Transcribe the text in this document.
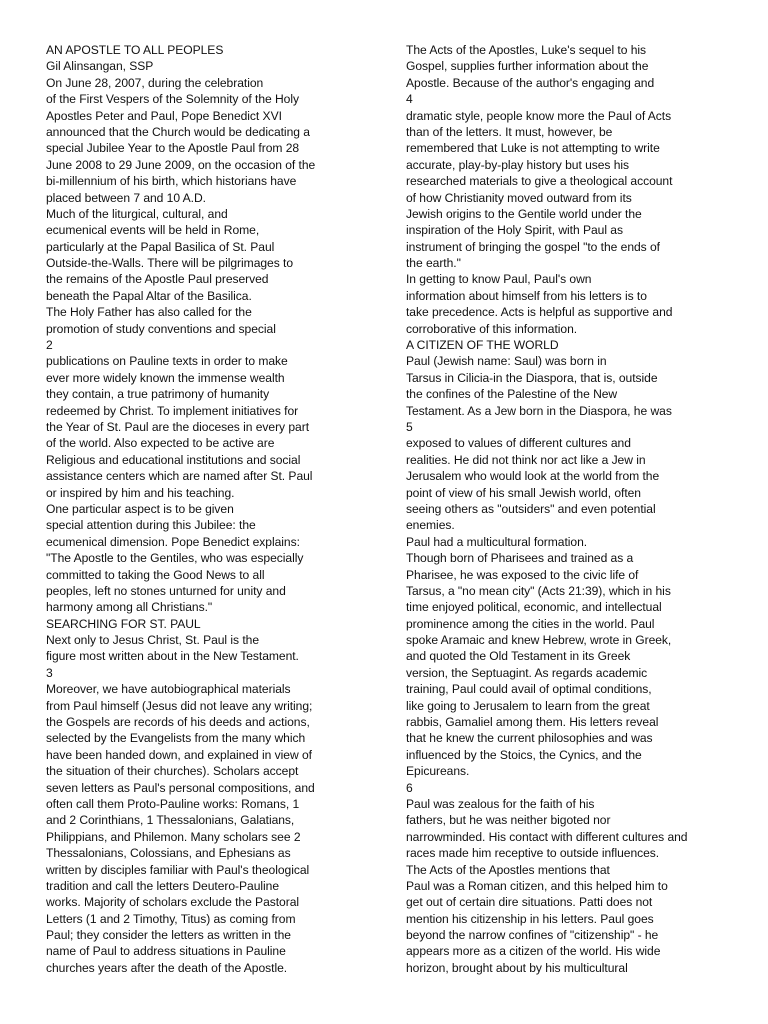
AN APOSTLE TO ALL PEOPLES
Gil Alinsangan, SSP
On June 28, 2007, during the celebration
of the First Vespers of the Solemnity of the Holy
Apostles Peter and Paul, Pope Benedict XVI
announced that the Church would be dedicating a
special Jubilee Year to the Apostle Paul from 28
June 2008 to 29 June 2009, on the occasion of the
bi-millennium of his birth, which historians have
placed between 7 and 10 A.D.
Much of the liturgical, cultural, and
ecumenical events will be held in Rome,
particularly at the Papal Basilica of St. Paul
Outside-the-Walls. There will be pilgrimages to
the remains of the Apostle Paul preserved
beneath the Papal Altar of the Basilica.
The Holy Father has also called for the
promotion of study conventions and special
2
publications on Pauline texts in order to make
ever more widely known the immense wealth
they contain, a true patrimony of humanity
redeemed by Christ. To implement initiatives for
the Year of St. Paul are the dioceses in every part
of the world. Also expected to be active are
Religious and educational institutions and social
assistance centers which are named after St. Paul
or inspired by him and his teaching.
One particular aspect is to be given
special attention during this Jubilee: the
ecumenical dimension. Pope Benedict explains:
"The Apostle to the Gentiles, who was especially
committed to taking the Good News to all
peoples, left no stones unturned for unity and
harmony among all Christians."
SEARCHING FOR ST. PAUL
Next only to Jesus Christ, St. Paul is the
figure most written about in the New Testament.
3
Moreover, we have autobiographical materials
from Paul himself (Jesus did not leave any writing;
the Gospels are records of his deeds and actions,
selected by the Evangelists from the many which
have been handed down, and explained in view of
the situation of their churches). Scholars accept
seven letters as Paul's personal compositions, and
often call them Proto-Pauline works: Romans, 1
and 2 Corinthians, 1 Thessalonians, Galatians,
Philippians, and Philemon. Many scholars see 2
Thessalonians, Colossians, and Ephesians as
written by disciples familiar with Paul's theological
tradition and call the letters Deutero-Pauline
works. Majority of scholars exclude the Pastoral
Letters (1 and 2 Timothy, Titus) as coming from
Paul; they consider the letters as written in the
name of Paul to address situations in Pauline
churches years after the death of the Apostle.
The Acts of the Apostles, Luke's sequel to his
Gospel, supplies further information about the
Apostle. Because of the author's engaging and
4
dramatic style, people know more the Paul of Acts
than of the letters. It must, however, be
remembered that Luke is not attempting to write
accurate, play-by-play history but uses his
researched materials to give a theological account
of how Christianity moved outward from its
Jewish origins to the Gentile world under the
inspiration of the Holy Spirit, with Paul as
instrument of bringing the gospel "to the ends of
the earth."
In getting to know Paul, Paul's own
information about himself from his letters is to
take precedence. Acts is helpful as supportive and
corroborative of this information.
A CITIZEN OF THE WORLD
Paul (Jewish name: Saul) was born in
Tarsus in Cilicia-in the Diaspora, that is, outside
the confines of the Palestine of the New
Testament. As a Jew born in the Diaspora, he was
5
exposed to values of different cultures and
realities. He did not think nor act like a Jew in
Jerusalem who would look at the world from the
point of view of his small Jewish world, often
seeing others as "outsiders" and even potential
enemies.
Paul had a multicultural formation.
Though born of Pharisees and trained as a
Pharisee, he was exposed to the civic life of
Tarsus, a "no mean city" (Acts 21:39), which in his
time enjoyed political, economic, and intellectual
prominence among the cities in the world. Paul
spoke Aramaic and knew Hebrew, wrote in Greek,
and quoted the Old Testament in its Greek
version, the Septuagint. As regards academic
training, Paul could avail of optimal conditions,
like going to Jerusalem to learn from the great
rabbis, Gamaliel among them. His letters reveal
that he knew the current philosophies and was
influenced by the Stoics, the Cynics, and the
Epicureans.
6
Paul was zealous for the faith of his
fathers, but he was neither bigoted nor
narrowminded. His contact with different cultures and
races made him receptive to outside influences.
The Acts of the Apostles mentions that
Paul was a Roman citizen, and this helped him to
get out of certain dire situations. Patti does not
mention his citizenship in his letters. Paul goes
beyond the narrow confines of "citizenship" - he
appears more as a citizen of the world. His wide
horizon, brought about by his multicultural
